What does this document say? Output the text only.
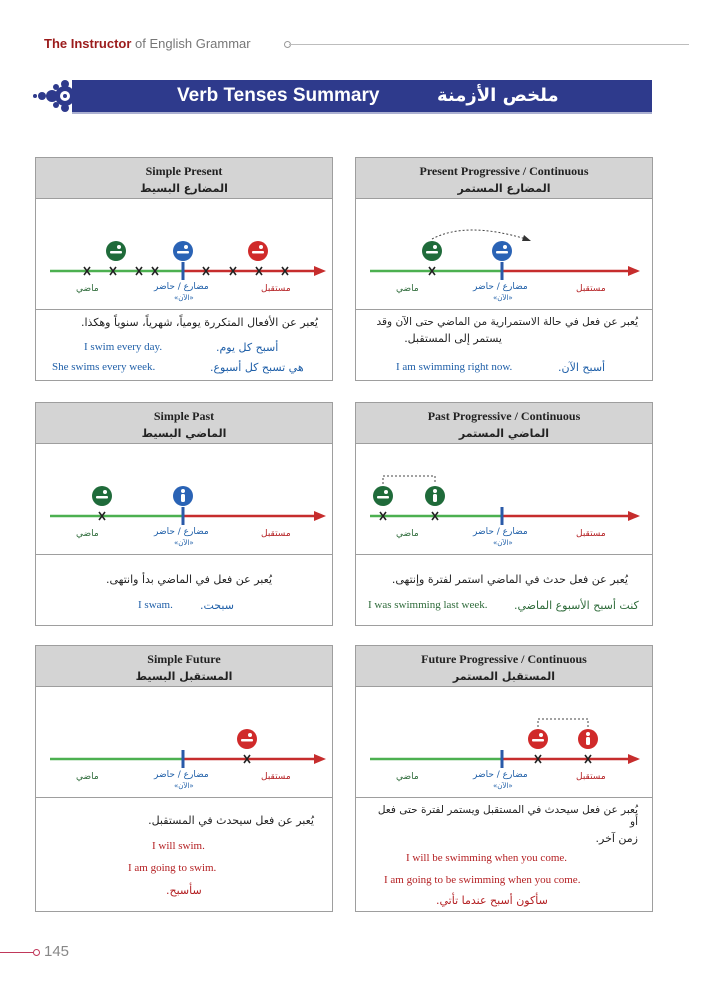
The Instructor of English Grammar
Verb Tenses Summary	ملخص الأزمنة
Simple Present
المضارع البسيط
ماضي	مضارع / حاضر
«الآن»
مستقبل
يُعبر عن الأفعال المتكررة يومياً، شهرياً، سنوياً وهكذا.
I swim every day.	أسبح كل يوم.
She swims every week.	هي تسبح كل أسبوع.
Present Progressive / Continuous
المضارع المستمر
ماضي	مضارع / حاضر
«الآن»
مستقبل
يُعبر عن فعل في حالة الاستمرارية من الماضي حتى الآن وقد
يستمر إلى المستقبل.
I am swimming right now.	أسبح الآن.
Simple Past
الماضي البسيط
ماضي	مضارع / حاضر
«الآن»
مستقبل
يُعبر عن فعل في الماضي بدأ وانتهى.
I swam. سبحت.
Past Progressive / Continuous
الماضي المستمر
ماضي	مضارع / حاضر
«الآن»
مستقبل
يُعبر عن فعل حدث في الماضي استمر لفترة وإنتهى.
I was swimming last week. كنت أسبح الأسبوع الماضي.
Simple Future
المستقبل البسيط
ماضي	مضارع / حاضر
«الآن»
مستقبل
يُعبر عن فعل سيحدث في المستقبل.
I will swim.
I am going to swim.
سأسبح.
Future Progressive / Continuous
المستقبل المستمر
ماضي	مضارع / حاضر
«الآن»
مستقبل
يُعبر عن فعل سيحدث في المستقبل ويستمر لفترة حتى فعل أو
زمن آخر.
I will be swimming when you come.
I am going to be swimming when you come.
سأكون أسبح عندما تأتي.
145
